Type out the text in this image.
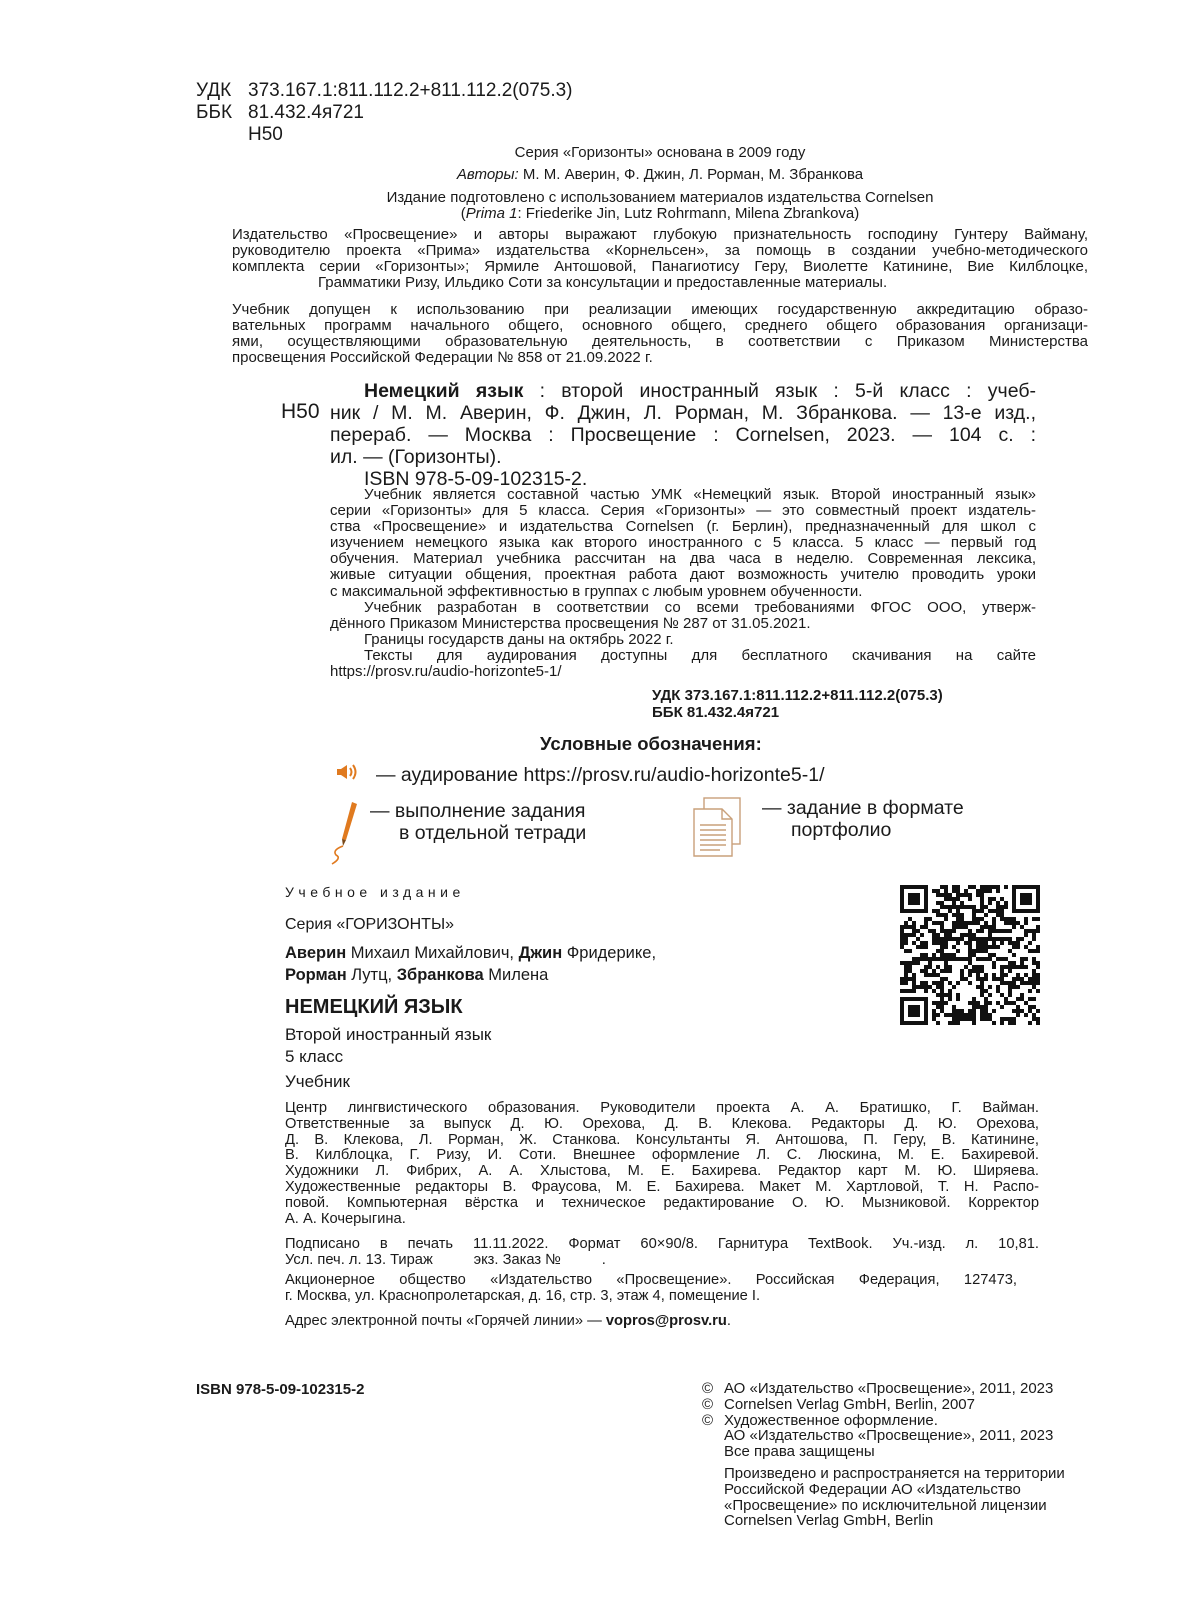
УДК 373.167.1:811.112.2+811.112.2(075.3)
ББК 81.432.4я721
Н50
Серия «Горизонты» основана в 2009 году
Авторы: М. М. Аверин, Ф. Джин, Л. Рорман, М. Збранкова
Издание подготовлено с использованием материалов издательства Cornelsen
(Prima 1: Friederike Jin, Lutz Rohrmann, Milena Zbrankova)
Издательство «Просвещение» и авторы выражают глубокую признательность господину Гунтеру Вайману,
руководителю проекта «Прима» издательства «Корнельсен», за помощь в создании учебно-методического
комплекта серии «Горизонты»; Ярмиле Антошовой, Панагиотису Геру, Виолетте Катинине, Вие Килблоцке,
Грамматики Ризу, Ильдико Соти за консультации и предоставленные материалы.
Учебник допущен к использованию при реализации имеющих государственную аккредитацию образо-
вательных программ начального общего, основного общего, среднего общего образования организаци-
ями, осуществляющими образовательную деятельность, в соответствии с Приказом Министерства
просвещения Российской Федерации № 858 от 21.09.2022 г.
Н50
Немецкий язык : второй иностранный язык : 5-й класс : учеб-
ник / М. М. Аверин, Ф. Джин, Л. Рорман, М. Збранкова. — 13-е изд.,
перераб. — Москва : Просвещение : Cornelsen, 2023. — 104 с. :
ил. — (Горизонты).
ISBN 978-5-09-102315-2.
Учебник является составной частью УМК «Немецкий язык. Второй иностранный язык»
серии «Горизонты» для 5 класса. Серия «Горизонты» — это совместный проект издатель-
ства «Просвещение» и издательства Cornelsen (г. Берлин), предназначенный для школ с
изучением немецкого языка как второго иностранного с 5 класса. 5 класс — первый год
обучения. Материал учебника рассчитан на два часа в неделю. Современная лексика,
живые ситуации общения, проектная работа дают возможность учителю проводить уроки
с максимальной эффективностью в группах с любым уровнем обученности.
Учебник разработан в соответствии со всеми требованиями ФГОС ООО, утверж-
дённого Приказом Министерства просвещения № 287 от 31.05.2021.
Границы государств даны на октябрь 2022 г.
Тексты для аудирования доступны для бесплатного скачивания на сайте
https://prosv.ru/audio-horizonte5-1/
УДК 373.167.1:811.112.2+811.112.2(075.3)
ББК 81.432.4я721
Условные обозначения:
— аудирование https://prosv.ru/audio-horizonte5-1/
— выполнение задания
в отдельной тетради
— задание в формате
портфолио
Учебное издание
Серия «ГОРИЗОНТЫ»
Аверин Михаил Михайлович, Джин Фридерике,
Рорман Лутц, Збранкова Милена
НЕМЕЦКИЙ ЯЗЫК
Второй иностранный язык
5 класс
Учебник
Центр лингвистического образования. Руководители проекта А. А. Братишко, Г. Вайман.
Ответственные за выпуск Д. Ю. Орехова, Д. В. Клекова. Редакторы Д. Ю. Орехова,
Д. В. Клекова, Л. Рорман, Ж. Станкова. Консультанты Я. Антошова, П. Геру, В. Катинине,
В. Килблоцка, Г. Ризу, И. Соти. Внешнее оформление Л. С. Люскина, М. Е. Бахиревой.
Художники Л. Фибрих, А. А. Хлыстова, М. Е. Бахирева. Редактор карт М. Ю. Ширяева.
Художественные редакторы В. Фраусова, М. Е. Бахирева. Макет М. Хартловой, Т. Н. Распо-
повой. Компьютерная вёрстка и техническое редактирование О. Ю. Мызниковой. Корректор
А. А. Кочерыгина.
Подписано в печать 11.11.2022. Формат 60×90/8. Гарнитура TextBook. Уч.-изд. л. 10,81.
Усл. печ. л. 13. Тираж          экз. Заказ №          .
Акционерное общество «Издательство «Просвещение». Российская Федерация, 127473,
г. Москва, ул. Краснопролетарская, д. 16, стр. 3, этаж 4, помещение I.
Адрес электронной почты «Горячей линии» — vopros@prosv.ru.
ISBN 978-5-09-102315-2	© АО «Издательство «Просвещение», 2011, 2023
© Cornelsen Verlag GmbH, Berlin, 2007
© Художественное оформление.
АО «Издательство «Просвещение», 2011, 2023
Все права защищены
Произведено и распространяется на территории
Российской Федерации АО «Издательство
«Просвещение» по исключительной лицензии
Cornelsen Verlag GmbH, Berlin
